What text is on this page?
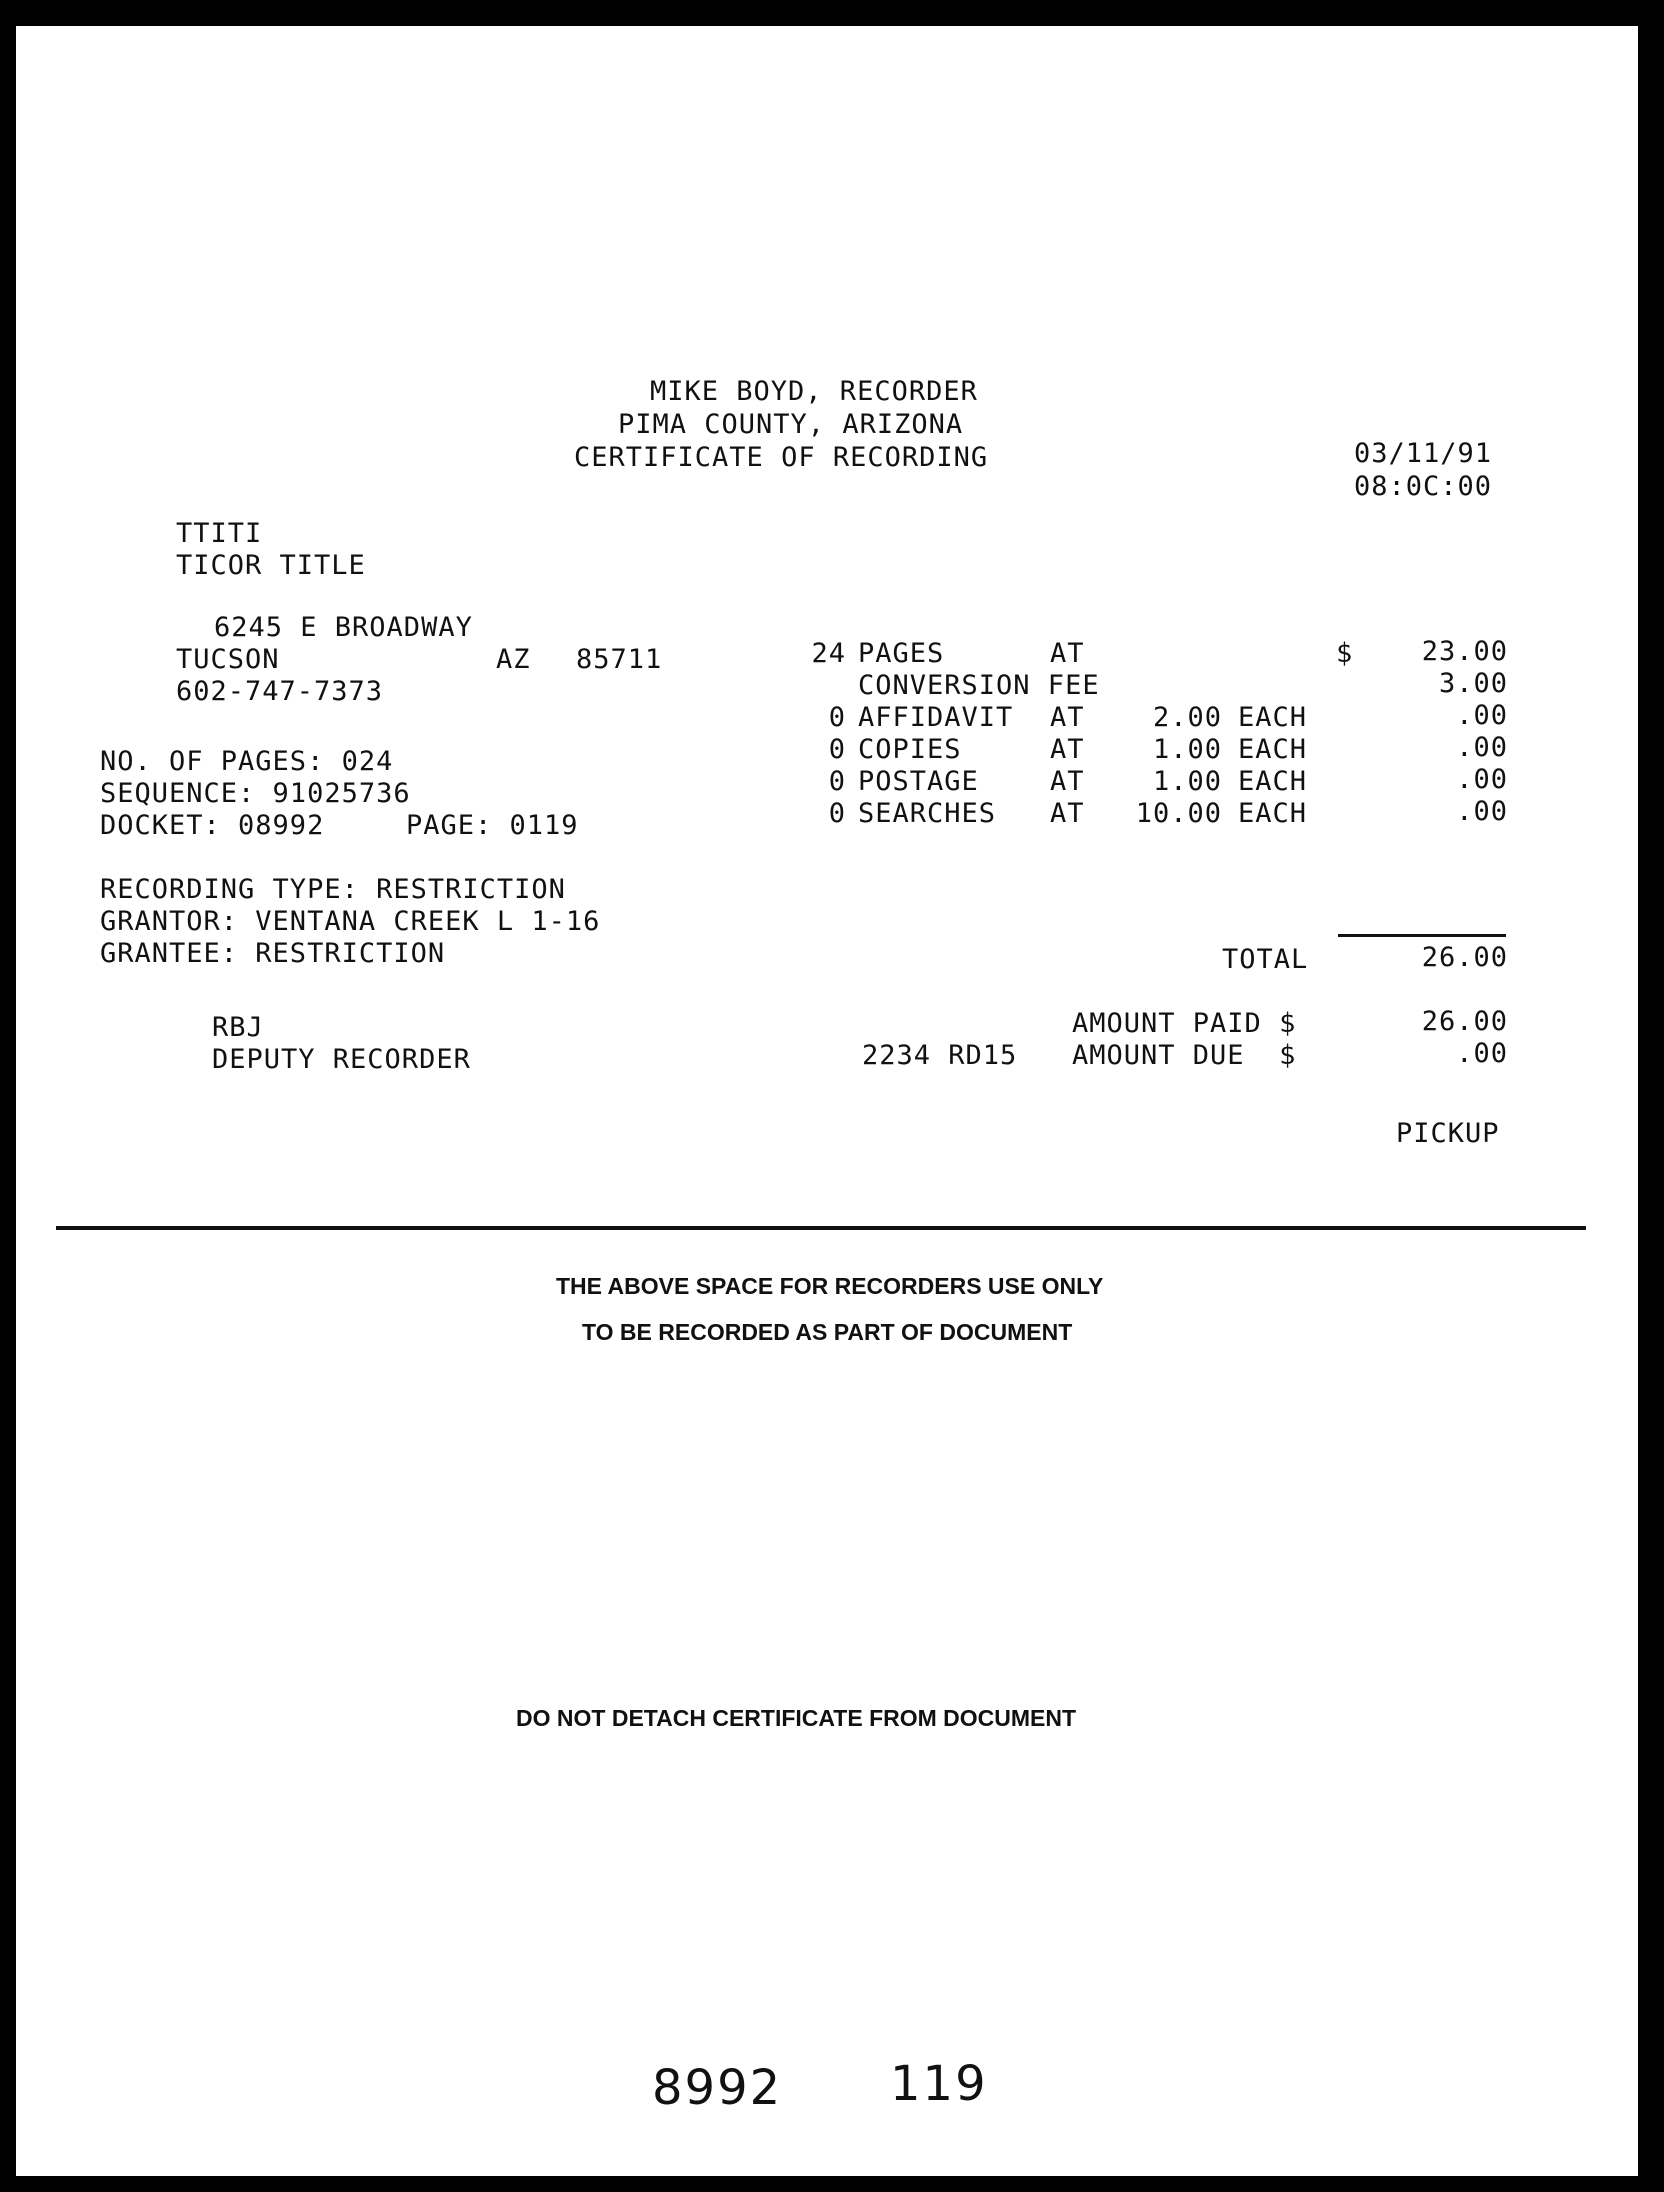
MIKE BOYD, RECORDER
PIMA COUNTY, ARIZONA
CERTIFICATE OF RECORDING	03/11/91
08:0C:00
TTITI
TICOR TITLE
6245 E BROADWAY
TUCSON	AZ 85711
602-747-7373
NO. OF PAGES: 024
SEQUENCE: 91025736
DOCKET: 08992	PAGE: 0119
RECORDING TYPE: RESTRICTION
GRANTOR: VENTANA CREEK L 1-16
GRANTEE: RESTRICTION
24 PAGES	AT	$	23.00
CONVERSION FEE	3.00
0 AFFIDAVIT AT	2.00 EACH	.00
0 COPIES	AT	1.00 EACH	.00
0 POSTAGE	AT	1.00 EACH	.00
0 SEARCHES AT	10.00 EACH	.00
TOTAL	26.00
RBJ
DEPUTY RECORDER
AMOUNT PAID $	26.00
2234 RD15 AMOUNT DUE  $	.00
PICKUP
THE ABOVE SPACE FOR RECORDERS USE ONLY
TO BE RECORDED AS PART OF DOCUMENT
DO NOT DETACH CERTIFICATE FROM DOCUMENT
8992 119
